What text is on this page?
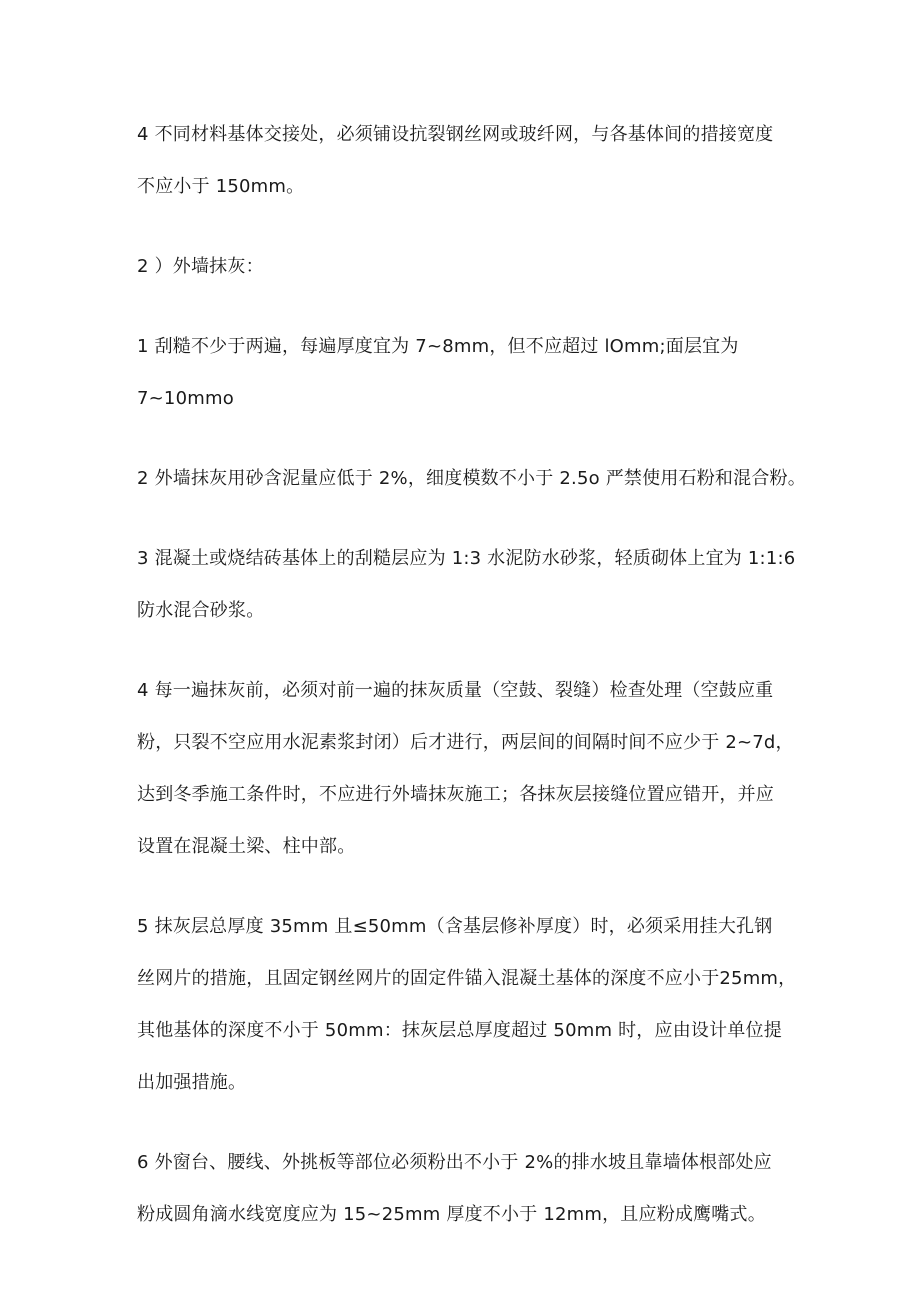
4 不同材料基体交接处，必须铺设抗裂钢丝网或玻纤网，与各基体间的措接宽度
不应小于 150mm。

2 ）外墙抹灰：

1 刮糙不少于两遍，每遍厚度宜为 7~8mm，但不应超过 lOmm;面层宜为
7~10mmo

2 外墙抹灰用砂含泥量应低于 2%，细度模数不小于 2.5o 严禁使用石粉和混合粉。

3 混凝土或烧结砖基体上的刮糙层应为 1:3 水泥防水砂浆，轻质砌体上宜为 1:1:6
防水混合砂浆。

4 每一遍抹灰前，必须对前一遍的抹灰质量（空鼓、裂缝）检查处理（空鼓应重
粉，只裂不空应用水泥素浆封闭）后才进行，两层间的间隔时间不应少于 2~7d，
达到冬季施工条件时，不应进行外墙抹灰施工；各抹灰层接缝位置应错开，并应
设置在混凝土梁、柱中部。

5 抹灰层总厚度 35mm 且≤50mm（含基层修补厚度）时，必须采用挂大孔钢
丝网片的措施，且固定钢丝网片的固定件锚入混凝土基体的深度不应小于25mm，
其他基体的深度不小于 50mm：抹灰层总厚度超过 50mm 时，应由设计单位提
出加强措施。

6 外窗台、腰线、外挑板等部位必须粉出不小于 2%的排水坡且靠墙体根部处应
粉成圆角滴水线宽度应为 15~25mm 厚度不小于 12mm，且应粉成鹰嘴式。
